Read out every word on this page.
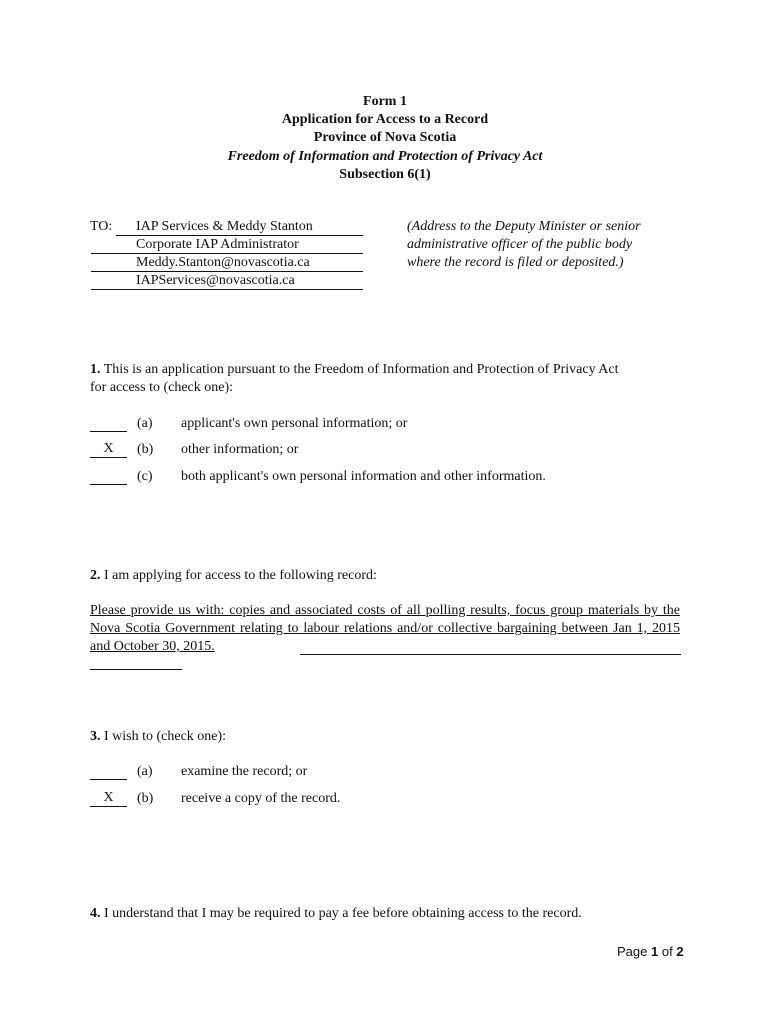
Form 1
Application for Access to a Record
Province of Nova Scotia
Freedom of Information and Protection of Privacy Act
Subsection 6(1)
TO:	IAP Services & Meddy Stanton
Corporate IAP Administrator
Meddy.Stanton@novascotia.ca
IAPServices@novascotia.ca
(Address to the Deputy Minister or senior administrative officer of the public body where the record is filed or deposited.)
1. This is an application pursuant to the Freedom of Information and Protection of Privacy Act
for access to (check one):
(a) applicant's own personal information; or
X	(b) other information; or
(c) both applicant's own personal information and other information.
2. I am applying for access to the following record:
Please provide us with: copies and associated costs of all polling results, focus group materials by the Nova Scotia Government relating to labour relations and/or collective bargaining between Jan 1, 2015 and October 30, 2015.
3. I wish to (check one):
(a) examine the record; or
X	(b) receive a copy of the record.
4. I understand that I may be required to pay a fee before obtaining access to the record.
Page 1 of 2
